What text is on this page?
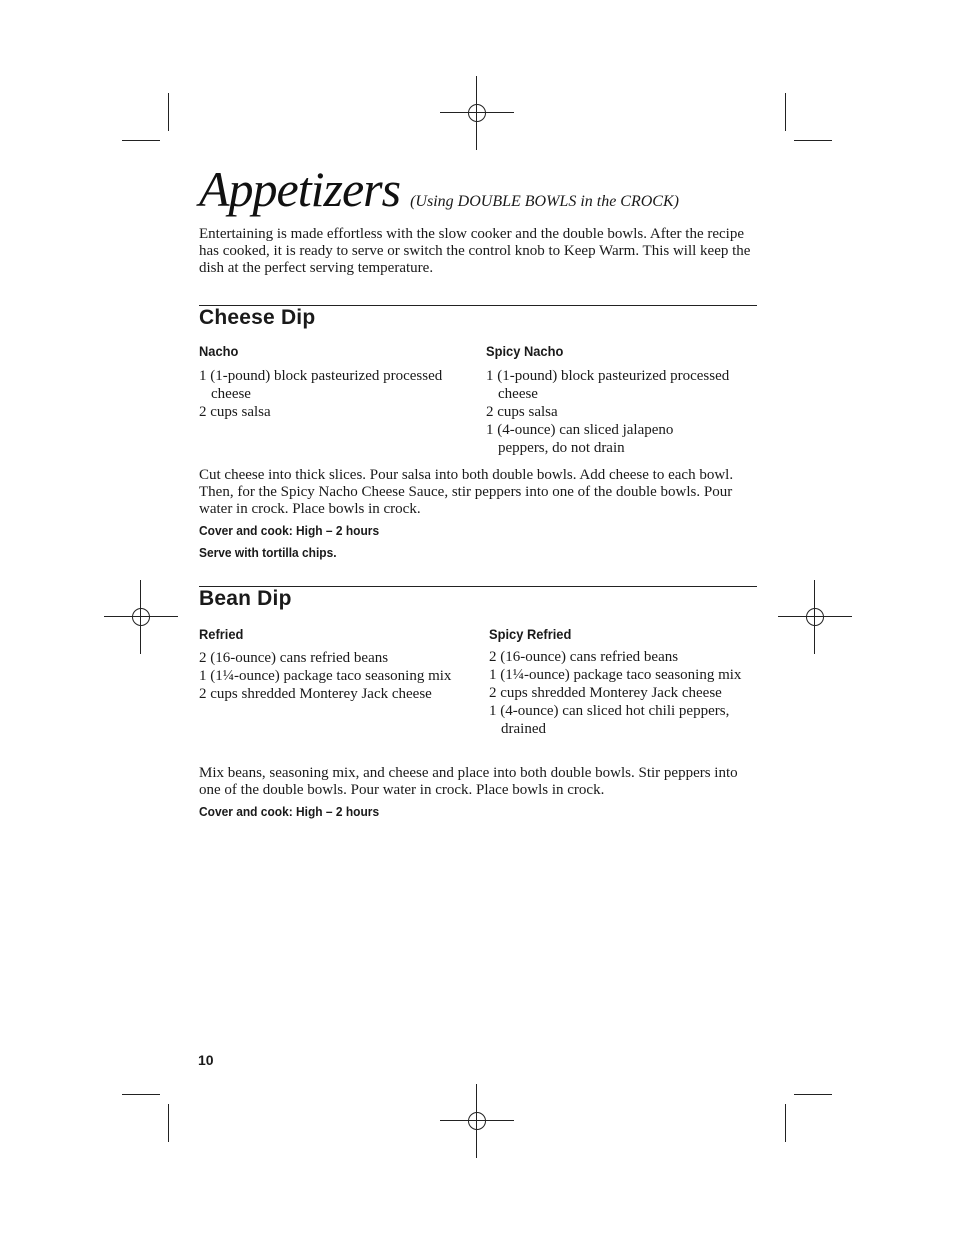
Appetizers (Using DOUBLE BOWLS in the CROCK)
Entertaining is made effortless with the slow cooker and the double bowls. After the recipe has cooked, it is ready to serve or switch the control knob to Keep Warm. This will keep the dish at the perfect serving temperature.
Cheese Dip
Nacho
1 (1-pound) block pasteurized processed cheese
2 cups salsa
Spicy Nacho
1 (1-pound) block pasteurized processed cheese
2 cups salsa
1 (4-ounce) can sliced jalapeno peppers, do not drain
Cut cheese into thick slices. Pour salsa into both double bowls. Add cheese to each bowl. Then, for the Spicy Nacho Cheese Sauce, stir peppers into one of the double bowls. Pour water in crock. Place bowls in crock.
Cover and cook: High – 2 hours
Serve with tortilla chips.
Bean Dip
Refried
2 (16-ounce) cans refried beans
1 (1¼-ounce) package taco seasoning mix
2 cups shredded Monterey Jack cheese
Spicy Refried
2 (16-ounce) cans refried beans
1 (1¼-ounce) package taco seasoning mix
2 cups shredded Monterey Jack cheese
1 (4-ounce) can sliced hot chili peppers, drained
Mix beans, seasoning mix, and cheese and place into both double bowls. Stir peppers into one of the double bowls. Pour water in crock. Place bowls in crock.
Cover and cook: High – 2 hours
10
